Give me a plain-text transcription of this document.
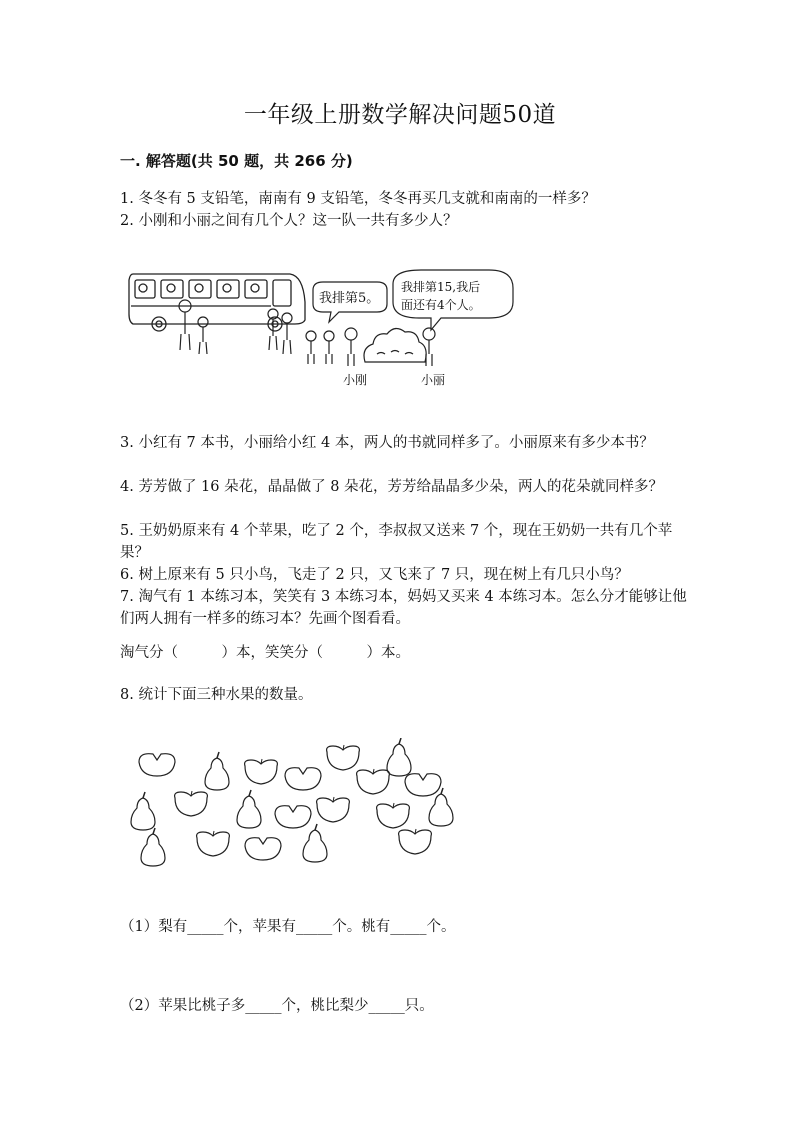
一年级上册数学解决问题50道
一. 解答题(共 50 题，共 266 分)

1. 冬冬有 5 支铅笔，南南有 9 支铅笔，冬冬再买几支就和南南的一样多？

2. 小刚和小丽之间有几个人？这一队一共有多少人？

我排第5。
我排第15,我后
面还有4个人。
小刚	小丽

3. 小红有 7 本书，小丽给小红 4 本，两人的书就同样多了。小丽原来有多少本书？

4. 芳芳做了 16 朵花，晶晶做了 8 朵花，芳芳给晶晶多少朵，两人的花朵就同样多？

5. 王奶奶原来有 4 个苹果，吃了 2 个，李叔叔又送来 7 个，现在王奶奶一共有几个苹果？

6. 树上原来有 5 只小鸟，飞走了 2 只，又飞来了 7 只，现在树上有几只小鸟？

7. 淘气有 1 本练习本，笑笑有 3 本练习本，妈妈又买来 4 本练习本。怎么分才能够让他们两人拥有一样多的练习本？先画个图看看。

淘气分（　　　）本，笑笑分（　　　）本。

8. 统计下面三种水果的数量。

（1）梨有_____个，苹果有_____个。桃有_____个。

（2）苹果比桃子多_____个，桃比梨少_____只。
